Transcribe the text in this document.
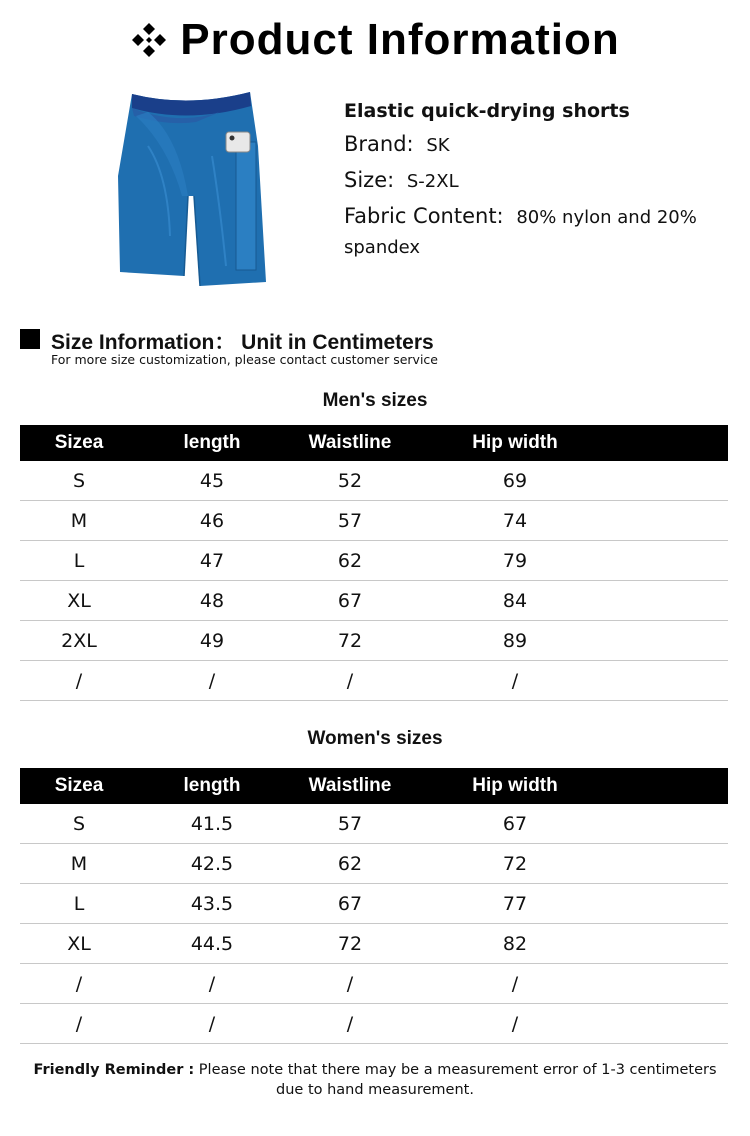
Product Information
Elastic quick-drying shorts
Brand: SK
Size: S-2XL
Fabric Content: 80% nylon and 20% spandex
Size Information： Unit in Centimeters
For more size customization, please contact customer service
Men's sizes
Sizea	length	Waistline	Hip width	
S	45	52	69	
M	46	57	74	
L	47	62	79	
XL	48	67	84	
2XL	49	72	89	
/	/	/	/	
Women's sizes
Sizea	length	Waistline	Hip width	
S	41.5	57	67	
M	42.5	62	72	
L	43.5	67	77	
XL	44.5	72	82	
/	/	/	/	
/	/	/	/	
Friendly Reminder : Please note that there may be a measurement error of 1-3 centimeters due to hand measurement.
